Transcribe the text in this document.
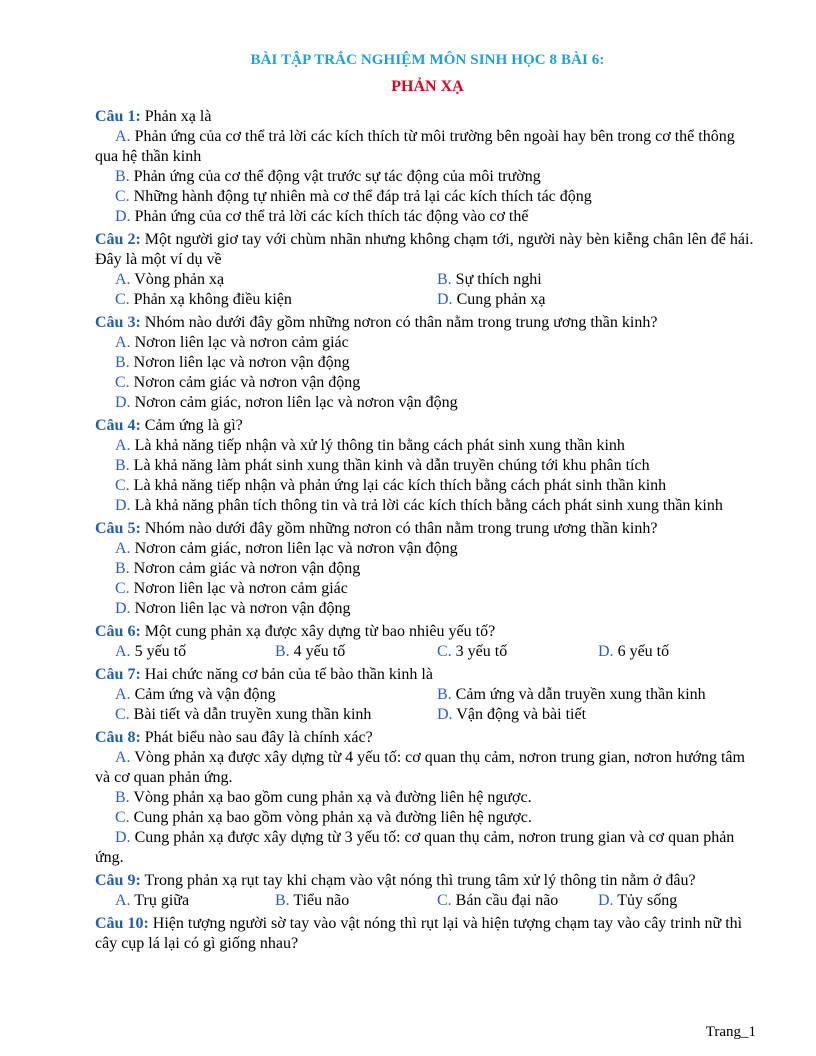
BÀI TẬP TRẮC NGHIỆM MÔN SINH HỌC 8 BÀI 6:
PHẢN XẠ
Câu 1: Phản xạ là
A. Phản ứng của cơ thể trả lời các kích thích từ môi trường bên ngoài hay bên trong cơ thể thông qua hệ thần kinh
B. Phản ứng của cơ thể động vật trước sự tác động của môi trường
C. Những hành động tự nhiên mà cơ thể đáp trả lại các kích thích tác động
D. Phản ứng của cơ thể trả lời các kích thích tác động vào cơ thể
Câu 2: Một người giơ tay với chùm nhãn nhưng không chạm tới, người này bèn kiễng chân lên để hái. Đây là một ví dụ về
A. Vòng phản xạ	B. Sự thích nghi
C. Phản xạ không điều kiện	D. Cung phản xạ
Câu 3: Nhóm nào dưới đây gồm những nơron có thân nằm trong trung ương thần kinh?
A. Nơron liên lạc và nơron cảm giác
B. Nơron liên lạc và nơron vận động
C. Nơron cảm giác và nơron vận động
D. Nơron cảm giác, nơron liên lạc và nơron vận động
Câu 4: Cảm ứng là gì?
A. Là khả năng tiếp nhận và xử lý thông tin bằng cách phát sinh xung thần kinh
B. Là khả năng làm phát sinh xung thần kinh và dẫn truyền chúng tới khu phân tích
C. Là khả năng tiếp nhận và phản ứng lại các kích thích bằng cách phát sinh thần kinh
D. Là khả năng phân tích thông tin và trả lời các kích thích bằng cách phát sinh xung thần kinh
Câu 5: Nhóm nào dưới đây gồm những nơron có thân nằm trong trung ương thần kinh?
A. Nơron cảm giác, nơron liên lạc và nơron vận động
B. Nơron cảm giác và nơron vận động
C. Nơron liên lạc và nơron cảm giác
D. Nơron liên lạc và nơron vận động
Câu 6: Một cung phản xạ được xây dựng từ bao nhiêu yếu tố?
A. 5 yếu tố	B. 4 yếu tố	C. 3 yếu tố	D. 6 yếu tố
Câu 7: Hai chức năng cơ bản của tế bào thần kinh là
A. Cảm ứng và vận động	B. Cảm ứng và dẫn truyền xung thần kinh
C. Bài tiết và dẫn truyền xung thần kinh	D. Vận động và bài tiết
Câu 8: Phát biểu nào sau đây là chính xác?
A. Vòng phản xạ được xây dựng từ 4 yếu tố: cơ quan thụ cảm, nơron trung gian, nơron hướng tâm và cơ quan phản ứng.
B. Vòng phản xạ bao gồm cung phản xạ và đường liên hệ ngược.
C. Cung phản xạ bao gồm vòng phản xạ và đường liên hệ ngược.
D. Cung phản xạ được xây dựng từ 3 yếu tố: cơ quan thụ cảm, nơron trung gian và cơ quan phản ứng.
Câu 9: Trong phản xạ rụt tay khi chạm vào vật nóng thì trung tâm xử lý thông tin nằm ở đâu?
A. Trụ giữa	B. Tiểu não	C. Bán cầu đại não	D. Tủy sống
Câu 10: Hiện tượng người sờ tay vào vật nóng thì rụt lại và hiện tượng chạm tay vào cây trinh nữ thì cây cụp lá lại có gì giống nhau?
Trang_1
